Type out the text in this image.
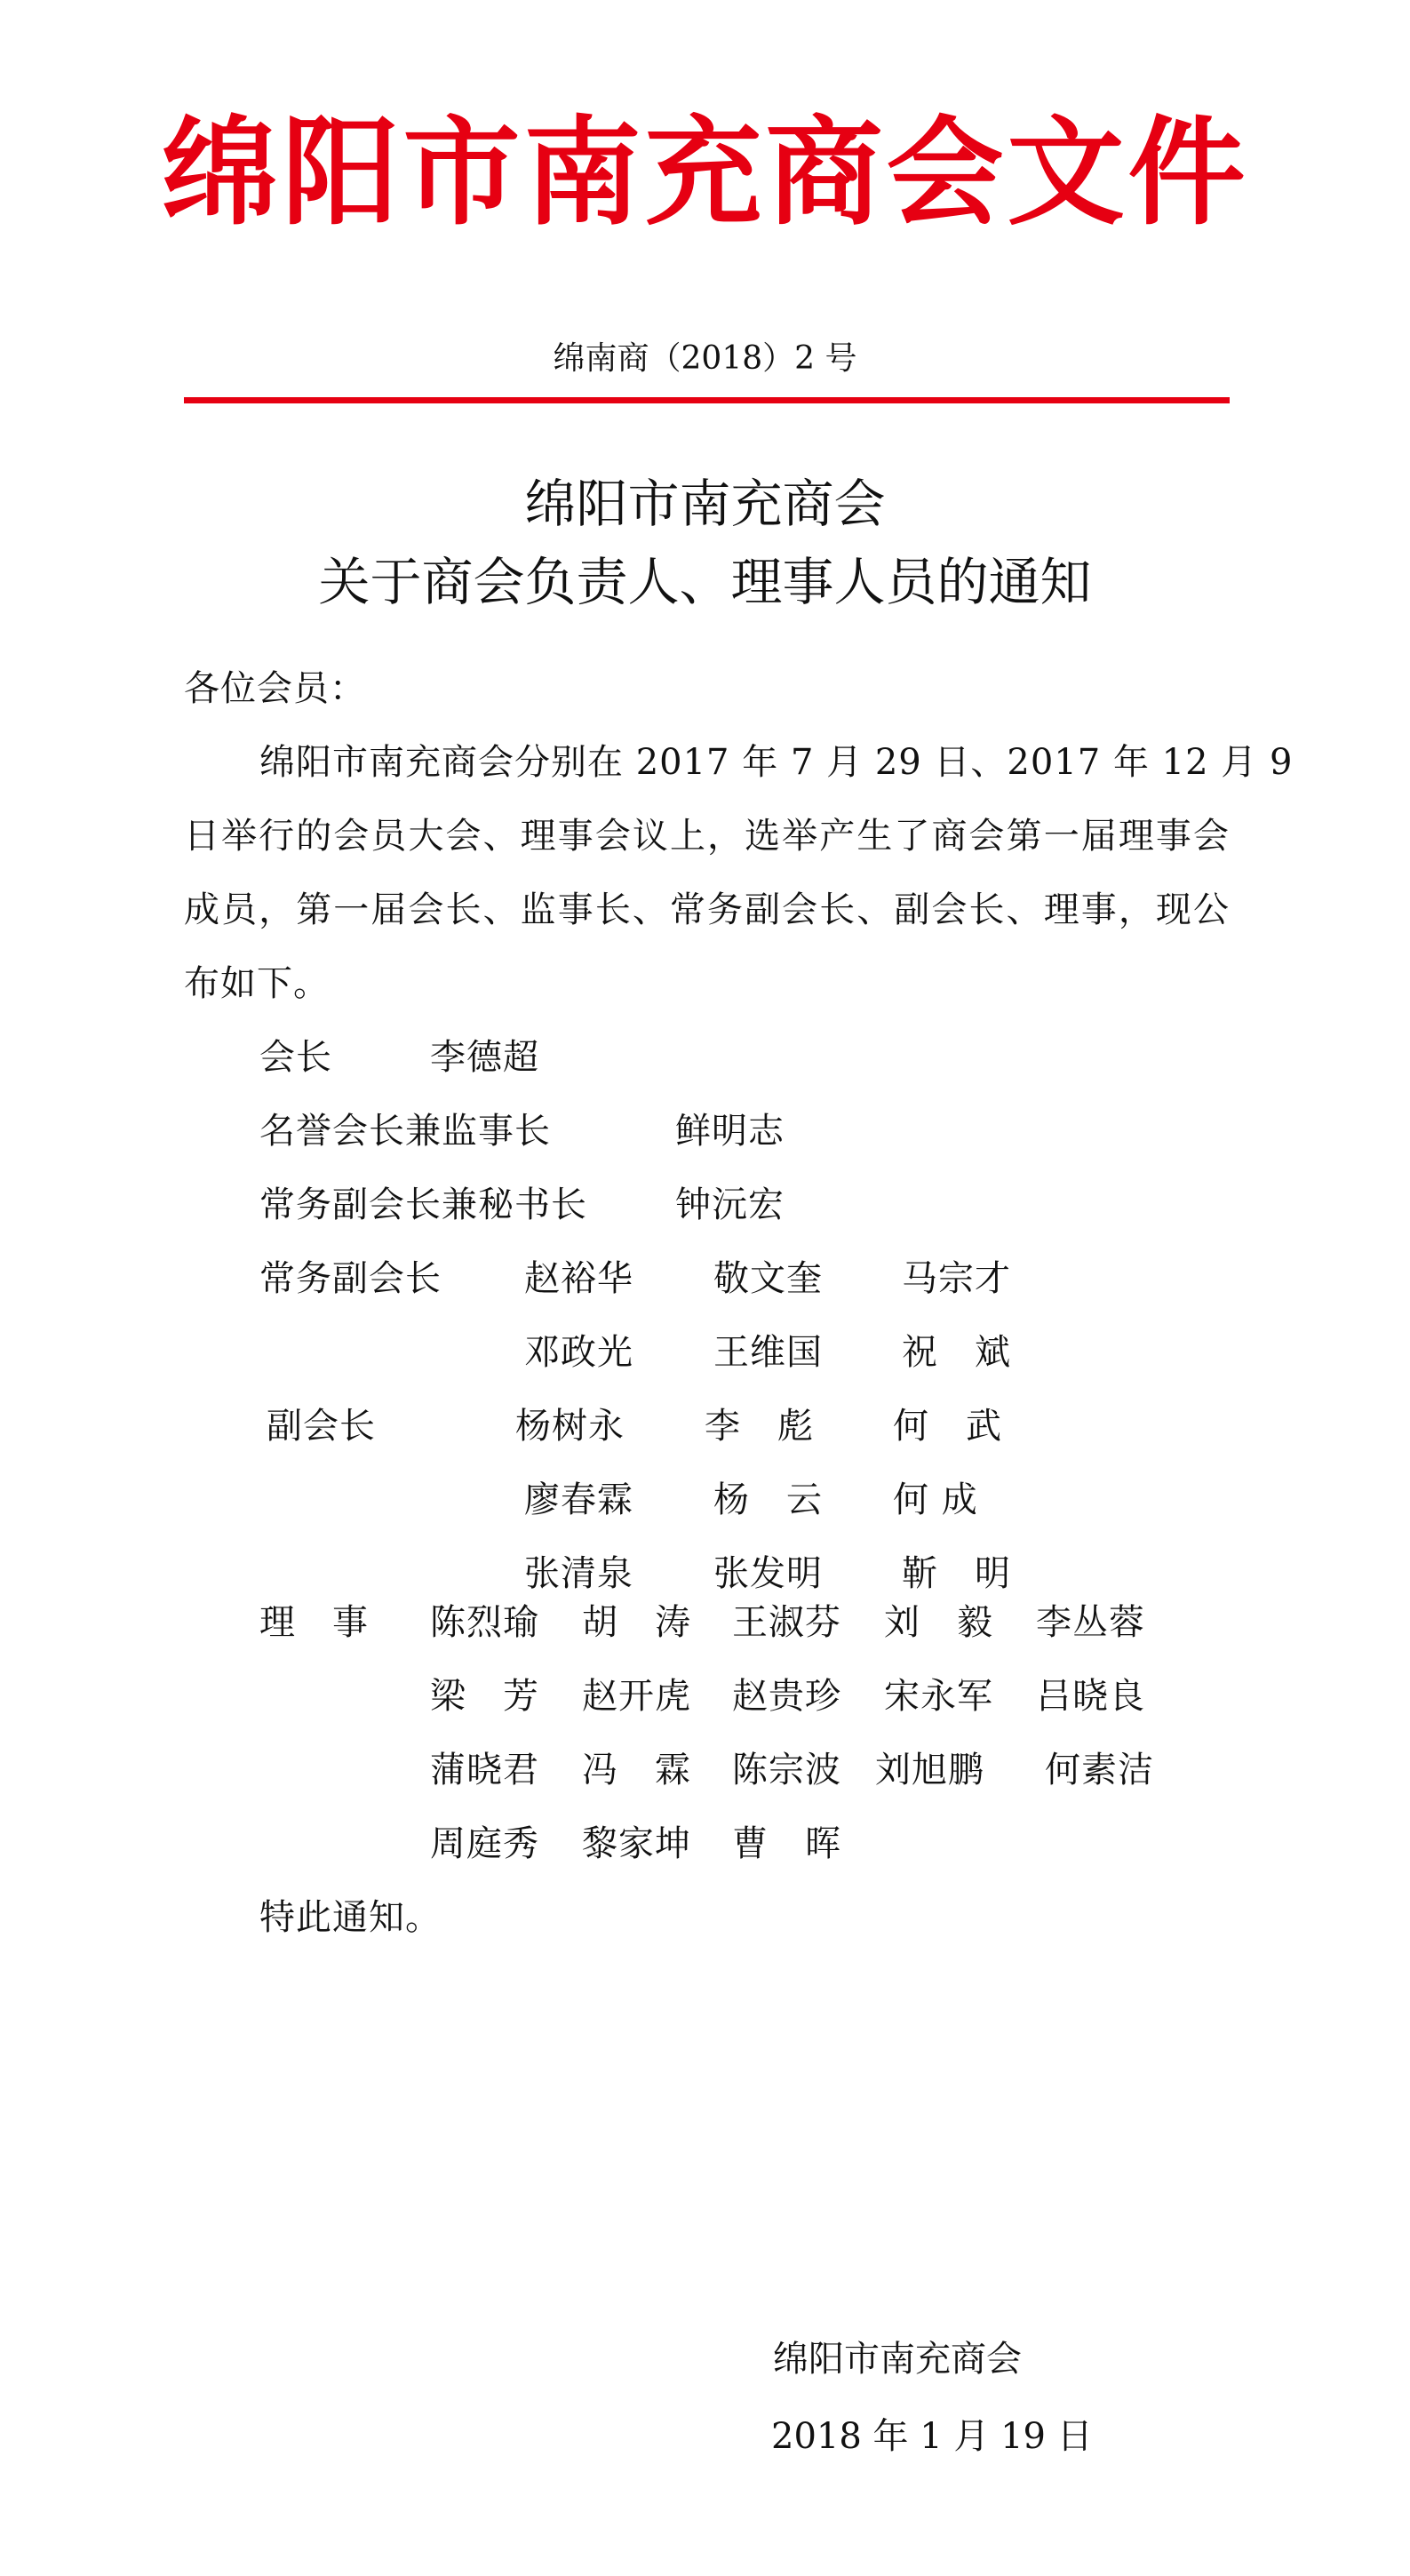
绵阳市南充商会文件
绵南商（2018）2 号
绵阳市南充商会
关于商会负责人、理事人员的通知
各位会员：
绵阳市南充商会分别在 2017 年 7 月 29 日、2017 年 12 月 9
日举行的会员大会、理事会议上，选举产生了商会第一届理事会
成员，第一届会长、监事长、常务副会长、副会长、理事，现公
布如下。
会长	李德超
名誉会长兼监事长	鲜明志
常务副会长兼秘书长 钟沅宏
常务副会长 赵裕华 敬文奎 马宗才
邓政光 王维国 祝　斌
副会长	杨树永 李　彪 何　武
廖春霖 杨　云 何 成
张清泉 张发明 靳　明
理　事 陈烈瑜 胡　涛 王淑芬 刘　毅 李丛蓉
梁　芳 赵开虎 赵贵珍 宋永军 吕晓良
蒲晓君 冯　霖 陈宗波 刘旭鹏 何素洁
周庭秀 黎家坤 曹　晖
特此通知。
绵阳市南充商会
2018 年 1 月 19 日
